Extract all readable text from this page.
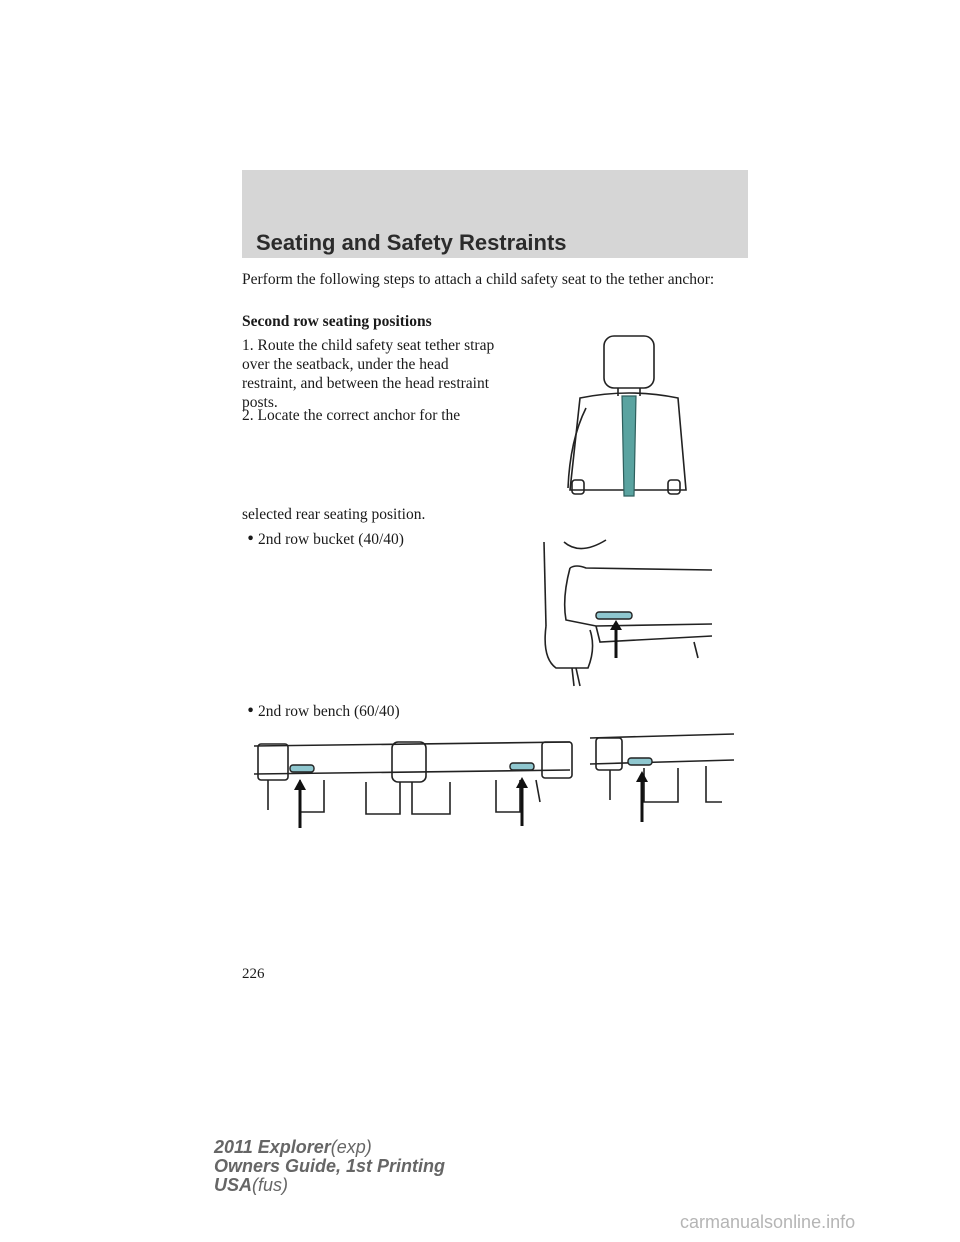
Seating and Safety Restraints

Perform the following steps to attach a child safety seat to the tether anchor:

Second row seating positions

1. Route the child safety seat tether strap over the seatback, under the head restraint, and between the head restraint posts.

2. Locate the correct anchor for the

selected rear seating position.

• 2nd row bucket (40/40)

• 2nd row bench (60/40)

226
2011 Explorer(exp)
Owners Guide, 1st Printing
USA(fus)
carmanualsonline.info
